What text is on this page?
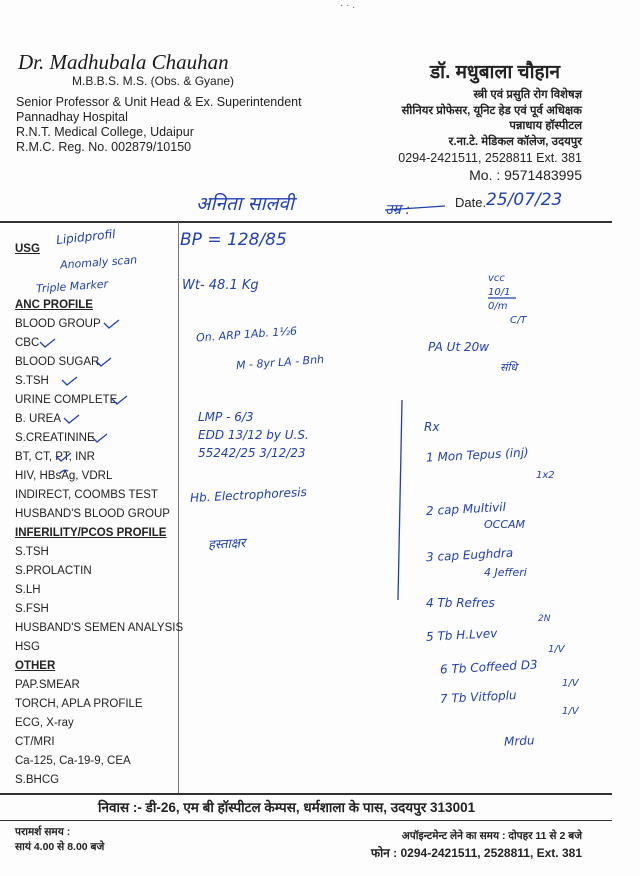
· · .
Dr. Madhubala Chauhan
M.B.B.S. M.S. (Obs. & Gyane)
Senior Professor & Unit Head & Ex. Superintendent
Pannadhay Hospital
R.N.T. Medical College, Udaipur
R.M.C. Reg. No. 002879/10150
डॉ. मधुबाला चौहान
स्त्री एवं प्रसुति रोग विशेषज्ञ
सीनियर प्रोफेसर, यूनिट हेड एवं पूर्व अधिक्षक
पन्नाधाय हॉस्पीटल
र.ना.टे. मेडिकल कॉलेज, उदयपुर
0294-2421511, 2528811 Ext. 381
Mo. : 9571483995
अनिता सालवी	उम्र :	Date. 25/07/23
USG
ANC PROFILE
BLOOD GROUP
CBC
BLOOD SUGAR
S.TSH
URINE COMPLETE
B. UREA
S.CREATININE
BT, CT, PT, INR
HIV, HBsAg, VDRL
INDIRECT, COOMBS TEST
HUSBAND'S BLOOD GROUP
INFERILITY/PCOS PROFILE
S.TSH
S.PROLACTIN
S.LH
S.FSH
HUSBAND'S SEMEN ANALYSIS
HSG
OTHER
PAP.SMEAR
TORCH, APLA PROFILE
ECG, X-ray
CT/MRI
Ca-125, Ca-19-9, CEA
S.BHCG
Lipidprofil
Anomaly scan
Triple Marker
BP = 128/85
Wt- 48.1 Kg	vcc
10/1
0/m
C/T
On. ARP 1Ab. 1½6
M - 8yr LA - Bnh
PA Ut 20w
संधि
LMP - 6/3
EDD 13/12 by U.S.
55242/25 3/12/23
Hb. Electrophoresis
हस्ताक्षर
Rx
1 Mon Tepus (inj)
1x2
2 cap Multivil
OCCAM
3 cap Eughdra
4 Jefferi
4 Tb Refres
2N
5 Tb H.Lvev
1/V
6 Tb Coffeed D3
1/V
7 Tb Vitfoplu
1/V
Mrdu
निवास :- डी-26, एम बी हॉस्पीटल केम्पस, धर्मशाला के पास, उदयपुर 313001
परामर्श समय :
सायं 4.00 से 8.00 बजे
अपॉइन्टमेन्ट लेने का समय : दोपहर 11 से 2 बजे
फोन : 0294-2421511, 2528811, Ext. 381
